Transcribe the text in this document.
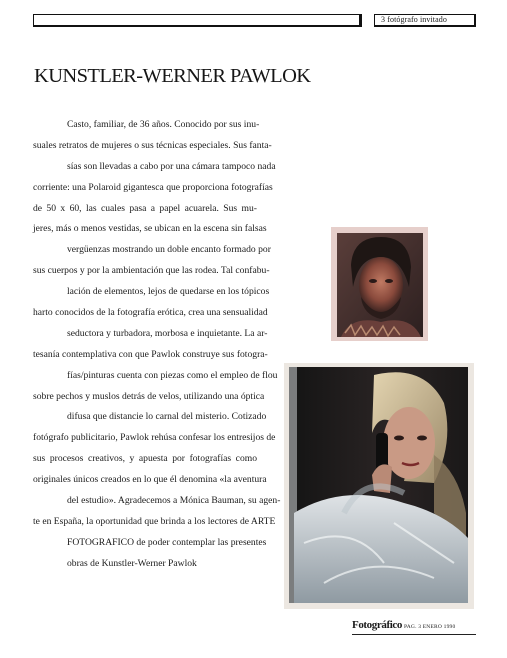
3 fotógrafo invitado
KUNSTLER-WERNER PAWLOK
Casto, familiar, de 36 años. Conocido por sus inu-
suales retratos de mujeres o sus técnicas especiales. Sus fanta-
sías son llevadas a cabo por una cámara tampoco nada
corriente: una Polaroid gigantesca que proporciona fotografías
de 50 x 60, las cuales pasa a papel acuarela. Sus mu-
jeres, más o menos vestidas, se ubican en la escena sin falsas
vergüenzas mostrando un doble encanto formado por
sus cuerpos y por la ambientación que las rodea. Tal confabu-
lación de elementos, lejos de quedarse en los tópicos
harto conocidos de la fotografía erótica, crea una sensualidad
seductora y turbadora, morbosa e inquietante. La ar-
tesanía contemplativa con que Pawlok construye sus fotogra-
fías/pinturas cuenta con piezas como el empleo de flou
sobre pechos y muslos detrás de velos, utilizando una óptica
difusa que distancie lo carnal del misterio. Cotizado
fotógrafo publicitario, Pawlok rehúsa confesar los entresijos de
sus procesos creativos, y apuesta por fotografías como
originales únicos creados en lo que él denomina «la aventura
del estudio». Agradecemos a Mónica Bauman, su agen-
te en España, la oportunidad que brinda a los lectores de ARTE
FOTOGRAFICO de poder contemplar las presentes
obras de Kunstler-Werner Pawlok
Fotográfico PAG. 3 ENERO 1990
